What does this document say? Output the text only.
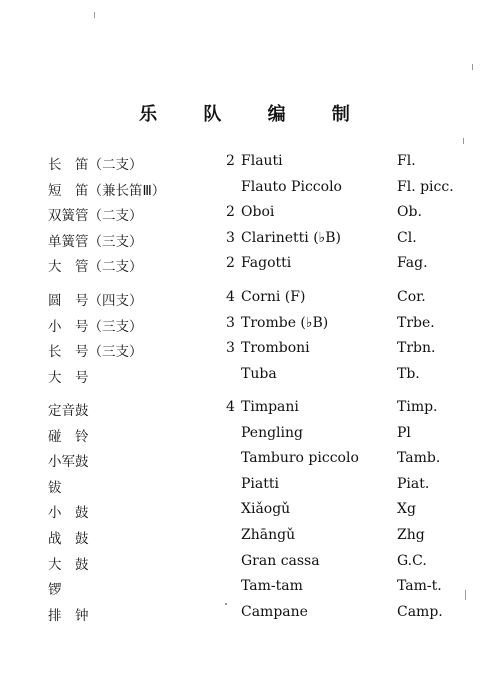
乐 队 编 制
长　笛（二支）	2 Flauti	Fl.
短　笛（兼长笛Ⅲ）	Flauto Piccolo	Fl. picc.
双簧管（二支）	2 Oboi	Ob.
单簧管（三支）	3 Clarinetti (♭B)	Cl.
大　管（二支）	2 Fagotti	Fag.
圆　号（四支）	4 Corni (F)	Cor.
小　号（三支）	3 Trombe (♭B)	Trbe.
长　号（三支）	3 Tromboni	Trbn.
大　号	Tuba	Tb.
定音鼓	4 Timpani	Timp.
碰　铃	Pengling	Pl
小军鼓	Tamburo piccolo	Tamb.
钹	Piatti	Piat.
小　鼓	Xiǎogǔ	Xg
战　鼓	Zhāngǔ	Zhg
大　鼓	Gran cassa	G.C.
锣	Tam-tam	Tam-t.
排　钟	Campane	Camp.
